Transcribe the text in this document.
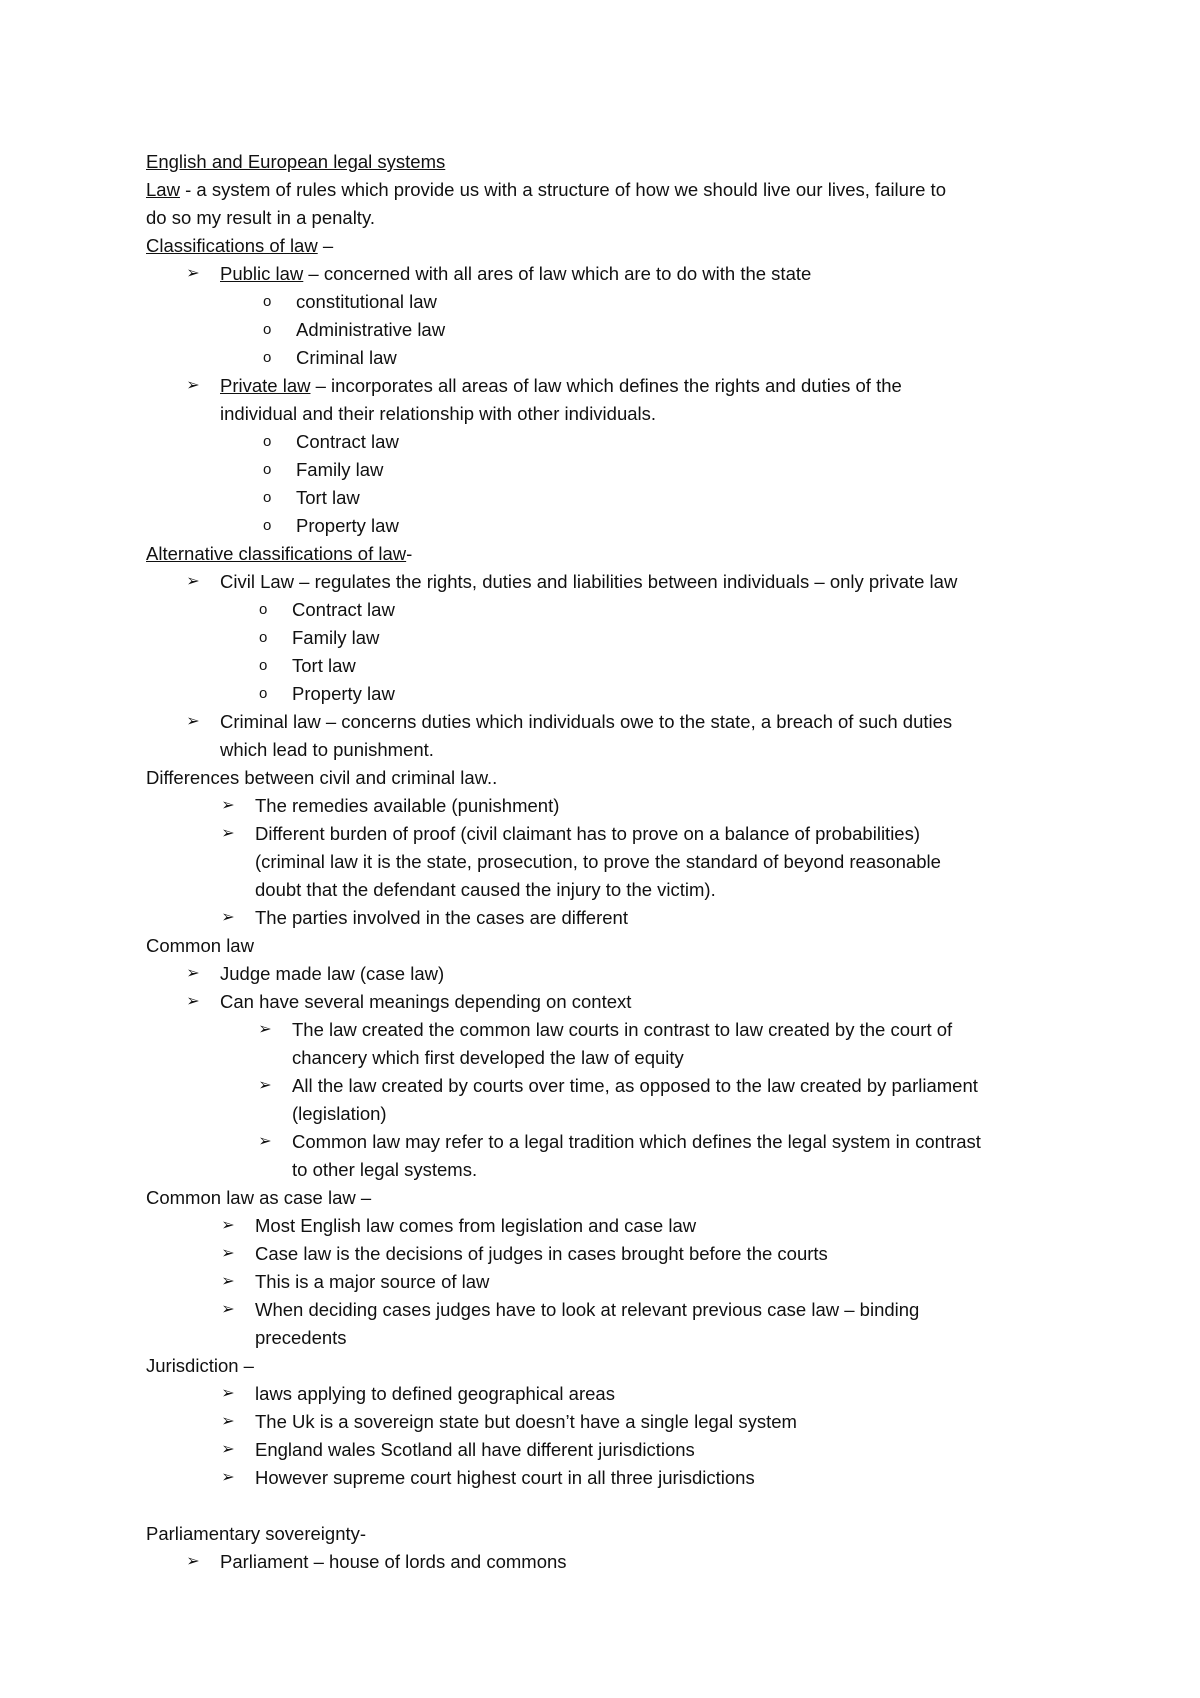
English and European legal systems
Law - a system of rules which provide us with a structure of how we should live our lives, failure to
do so my result in a penalty.
Classifications of law –
➢ Public law – concerned with all ares of law which are to do with the state
o constitutional law
o Administrative law
o Criminal law
➢ Private law – incorporates all areas of law which defines the rights and duties of the
individual and their relationship with other individuals.
o Contract law
o Family law
o Tort law
o Property law
Alternative classifications of law-
➢ Civil Law – regulates the rights, duties and liabilities between individuals – only private law
o Contract law
o Family law
o Tort law
o Property law
➢ Criminal law – concerns duties which individuals owe to the state, a breach of such duties
which lead to punishment.
Differences between civil and criminal law..
➢ The remedies available (punishment)
➢ Different burden of proof (civil claimant has to prove on a balance of probabilities)
(criminal law it is the state, prosecution, to prove the standard of beyond reasonable
doubt that the defendant caused the injury to the victim).
➢ The parties involved in the cases are different
Common law
➢ Judge made law (case law)
➢ Can have several meanings depending on context
➢ The law created the common law courts in contrast to law created by the court of
chancery which first developed the law of equity
➢ All the law created by courts over time, as opposed to the law created by parliament
(legislation)
➢ Common law may refer to a legal tradition which defines the legal system in contrast
to other legal systems.
Common law as case law –
➢ Most English law comes from legislation and case law
➢ Case law is the decisions of judges in cases brought before the courts
➢ This is a major source of law
➢ When deciding cases judges have to look at relevant previous case law – binding
precedents
Jurisdiction –
➢ laws applying to defined geographical areas
➢ The Uk is a sovereign state but doesn’t have a single legal system
➢ England wales Scotland all have different jurisdictions
➢ However supreme court highest court in all three jurisdictions
Parliamentary sovereignty-
➢ Parliament – house of lords and commons
